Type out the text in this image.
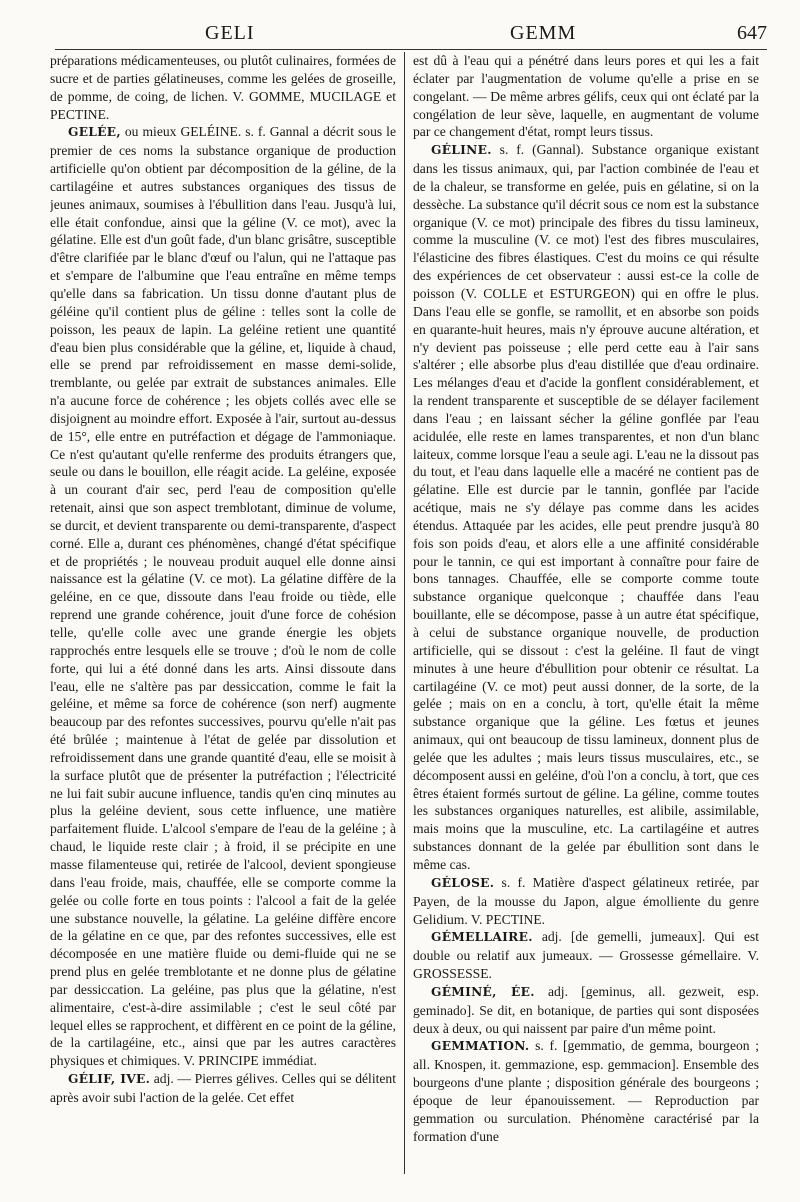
GELI	GEMM	647

préparations médicamenteuses, ou plutôt culinaires, formées de sucre et de parties gélatineuses, comme les gelées de groseille, de pomme, de coing, de lichen. V. GOMME, MUCILAGE et PECTINE.

GELÉE, ou mieux GELÉINE. s. f. Gannal a décrit sous le premier de ces noms la substance organique de production artificielle qu'on obtient par décomposition de la géline, de la cartilagéine et autres substances organiques des tissus de jeunes animaux, soumises à l'ébullition dans l'eau. Jusqu'à lui, elle était confondue, ainsi que la géline (V. ce mot), avec la gélatine. Elle est d'un goût fade, d'un blanc grisâtre, susceptible d'être clarifiée par le blanc d'œuf ou l'alun, qui ne l'attaque pas et s'empare de l'albumine que l'eau entraîne en même temps qu'elle dans sa fabrication. Un tissu donne d'autant plus de géléine qu'il contient plus de géline : telles sont la colle de poisson, les peaux de lapin. La geléine retient une quantité d'eau bien plus considérable que la géline, et, liquide à chaud, elle se prend par refroidissement en masse demi-solide, tremblante, ou gelée par extrait de substances animales. Elle n'a aucune force de cohérence ; les objets collés avec elle se disjoignent au moindre effort. Exposée à l'air, surtout au-dessus de 15°, elle entre en putréfaction et dégage de l'ammoniaque. Ce n'est qu'autant qu'elle renferme des produits étrangers que, seule ou dans le bouillon, elle réagit acide. La geléine, exposée à un courant d'air sec, perd l'eau de composition qu'elle retenait, ainsi que son aspect tremblotant, diminue de volume, se durcit, et devient transparente ou demi-transparente, d'aspect corné. Elle a, durant ces phénomènes, changé d'état spécifique et de propriétés ; le nouveau produit auquel elle donne ainsi naissance est la gélatine (V. ce mot). La gélatine diffère de la geléine, en ce que, dissoute dans l'eau froide ou tiède, elle reprend une grande cohérence, jouit d'une force de cohésion telle, qu'elle colle avec une grande énergie les objets rapprochés entre lesquels elle se trouve ; d'où le nom de colle forte, qui lui a été donné dans les arts. Ainsi dissoute dans l'eau, elle ne s'altère pas par dessiccation, comme le fait la geléine, et même sa force de cohérence (son nerf) augmente beaucoup par des refontes successives, pourvu qu'elle n'ait pas été brûlée ; maintenue à l'état de gelée par dissolution et refroidissement dans une grande quantité d'eau, elle se moisit à la surface plutôt que de présenter la putréfaction ; l'électricité ne lui fait subir aucune influence, tandis qu'en cinq minutes au plus la geléine devient, sous cette influence, une matière parfaitement fluide. L'alcool s'empare de l'eau de la geléine ; à chaud, le liquide reste clair ; à froid, il se précipite en une masse filamenteuse qui, retirée de l'alcool, devient spongieuse dans l'eau froide, mais, chauffée, elle se comporte comme la gelée ou colle forte en tous points : l'alcool a fait de la gelée une substance nouvelle, la gélatine. La geléine diffère encore de la gélatine en ce que, par des refontes successives, elle est décomposée en une matière fluide ou demi-fluide qui ne se prend plus en gelée tremblotante et ne donne plus de gélatine par dessiccation. La geléine, pas plus que la gélatine, n'est alimentaire, c'est-à-dire assimilable ; c'est le seul côté par lequel elles se rapprochent, et diffèrent en ce point de la géline, de la cartilagéine, etc., ainsi que par les autres caractères physiques et chimiques. V. PRINCIPE immédiat.

GÉLIF, IVE. adj. — Pierres gélives. Celles qui se délitent après avoir subi l'action de la gelée. Cet effet

est dû à l'eau qui a pénétré dans leurs pores et qui les a fait éclater par l'augmentation de volume qu'elle a prise en se congelant. — De même arbres gélifs, ceux qui ont éclaté par la congélation de leur sève, laquelle, en augmentant de volume par ce changement d'état, rompt leurs tissus.

GÉLINE. s. f. (Gannal). Substance organique existant dans les tissus animaux, qui, par l'action combinée de l'eau et de la chaleur, se transforme en gelée, puis en gélatine, si on la dessèche. La substance qu'il décrit sous ce nom est la substance organique (V. ce mot) principale des fibres du tissu lamineux, comme la musculine (V. ce mot) l'est des fibres musculaires, l'élasticine des fibres élastiques. C'est du moins ce qui résulte des expériences de cet observateur : aussi est-ce la colle de poisson (V. COLLE et ESTURGEON) qui en offre le plus. Dans l'eau elle se gonfle, se ramollit, et en absorbe son poids en quarante-huit heures, mais n'y éprouve aucune altération, et n'y devient pas poisseuse ; elle perd cette eau à l'air sans s'altérer ; elle absorbe plus d'eau distillée que d'eau ordinaire. Les mélanges d'eau et d'acide la gonflent considérablement, et la rendent transparente et susceptible de se délayer facilement dans l'eau ; en laissant sécher la géline gonflée par l'eau acidulée, elle reste en lames transparentes, et non d'un blanc laiteux, comme lorsque l'eau a seule agi. L'eau ne la dissout pas du tout, et l'eau dans laquelle elle a macéré ne contient pas de gélatine. Elle est durcie par le tannin, gonflée par l'acide acétique, mais ne s'y délaye pas comme dans les acides étendus. Attaquée par les acides, elle peut prendre jusqu'à 80 fois son poids d'eau, et alors elle a une affinité considérable pour le tannin, ce qui est important à connaître pour faire de bons tannages. Chauffée, elle se comporte comme toute substance organique quelconque ; chauffée dans l'eau bouillante, elle se décompose, passe à un autre état spécifique, à celui de substance organique nouvelle, de production artificielle, qui se dissout : c'est la geléine. Il faut de vingt minutes à une heure d'ébullition pour obtenir ce résultat. La cartilagéine (V. ce mot) peut aussi donner, de la sorte, de la gelée ; mais on en a conclu, à tort, qu'elle était la même substance organique que la géline. Les fœtus et jeunes animaux, qui ont beaucoup de tissu lamineux, donnent plus de gelée que les adultes ; mais leurs tissus musculaires, etc., se décomposent aussi en geléine, d'où l'on a conclu, à tort, que ces êtres étaient formés surtout de géline. La géline, comme toutes les substances organiques naturelles, est alibile, assimilable, mais moins que la musculine, etc. La cartilagéine et autres substances donnant de la gelée par ébullition sont dans le même cas.

GÉLOSE. s. f. Matière d'aspect gélatineux retirée, par Payen, de la mousse du Japon, algue émolliente du genre Gelidium. V. PECTINE.

GÉMELLAIRE. adj. [de gemelli, jumeaux]. Qui est double ou relatif aux jumeaux. — Grossesse gémellaire. V. GROSSESSE.

GÉMINÉ, ÉE. adj. [geminus, all. gezweit, esp. geminado]. Se dit, en botanique, de parties qui sont disposées deux à deux, ou qui naissent par paire d'un même point.

GEMMATION. s. f. [gemmatio, de gemma, bourgeon ; all. Knospen, it. gemmazione, esp. gemmacion]. Ensemble des bourgeons d'une plante ; disposition générale des bourgeons ; époque de leur épanouissement. — Reproduction par gemmation ou surculation. Phénomène caractérisé par la formation d'une
